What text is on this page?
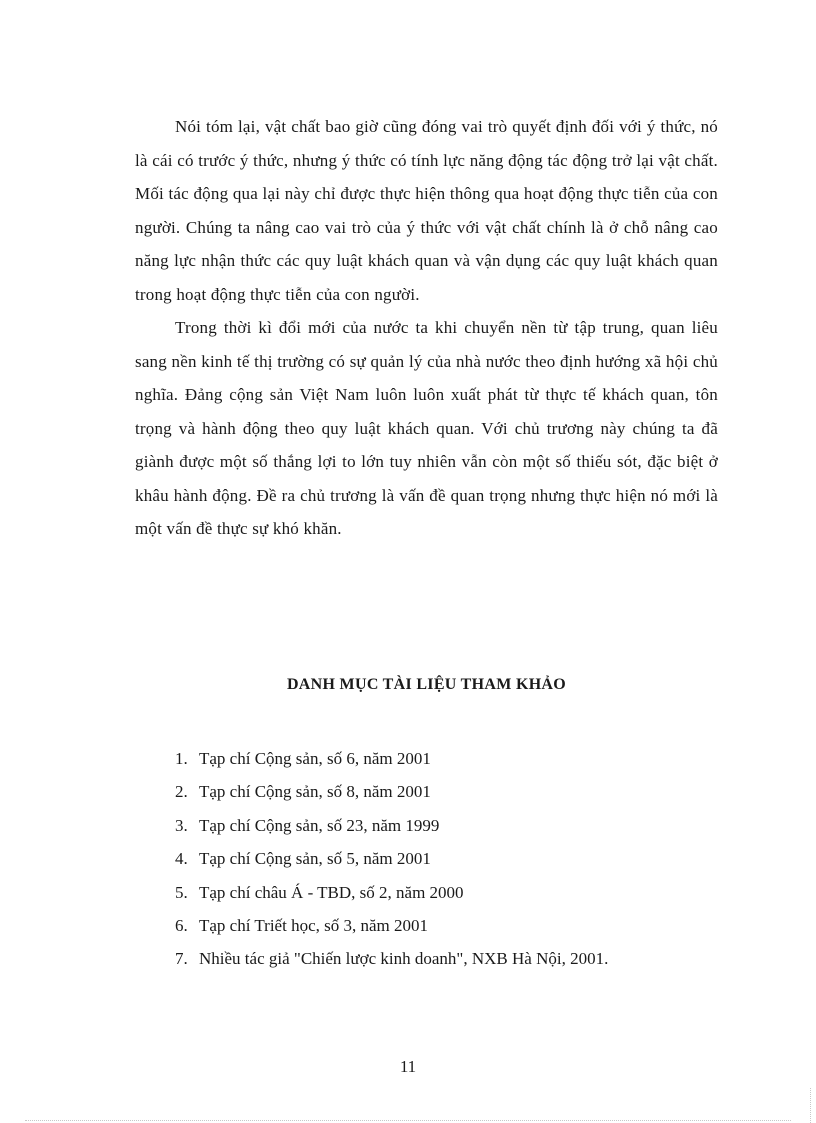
Nói tóm lại, vật chất bao giờ cũng đóng vai trò quyết định đối với ý thức, nó là cái có trước ý thức, nhưng ý thức có tính lực năng động tác động trở lại vật chất. Mối tác động qua lại này chỉ được thực hiện thông qua hoạt động thực tiễn của con người. Chúng ta nâng cao vai trò của ý thức với vật chất chính là ở chỗ nâng cao năng lực nhận thức các quy luật khách quan và vận dụng các quy luật khách quan trong hoạt động thực tiễn của con người.

Trong thời kì đổi mới của nước ta khi chuyển nền từ tập trung, quan liêu sang nền kinh tế thị trường có sự quản lý của nhà nước theo định hướng xã hội chủ nghĩa. Đảng cộng sản Việt Nam luôn luôn xuất phát từ thực tế khách quan, tôn trọng và hành động theo quy luật khách quan. Với chủ trương này chúng ta đã giành được một số thắng lợi to lớn tuy nhiên vẫn còn một số thiếu sót, đặc biệt ở khâu hành động. Đề ra chủ trương là vấn đề quan trọng nhưng thực hiện nó mới là một vấn đề thực sự khó khăn.

DANH MỤC TÀI LIỆU THAM KHẢO
1. Tạp chí Cộng sản, số 6, năm 2001
2. Tạp chí Cộng sản, số 8, năm 2001
3. Tạp chí Cộng sản, số 23, năm 1999
4. Tạp chí Cộng sản, số 5, năm 2001
5. Tạp chí châu Á - TBD, số 2, năm 2000
6. Tạp chí Triết học, số 3, năm 2001
7. Nhiều tác giả "Chiến lược kinh doanh", NXB Hà Nội, 2001.
11
